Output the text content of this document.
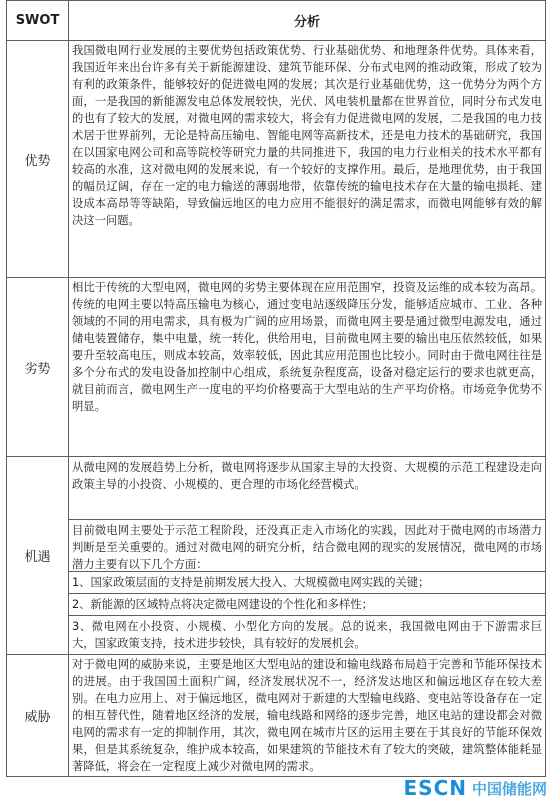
SWOT	分析
优势	我国微电网行业发展的主要优势包括政策优势、行业基础优势、和地理条件优势。具体来看，我国近年来出台许多有关于新能源建设、建筑节能环保、分布式电网的推动政策，形成了较为有利的政策条件，能够较好的促进微电网的发展；其次是行业基础优势，这一优势分为两个方面，一是我国的新能源发电总体发展较快，光伏、风电装机量都在世界首位，同时分布式发电的也有了较大的发展，对微电网的需求较大，将会有力促进微电网的发展，二是我国的电力技术居于世界前列，无论是特高压输电、智能电网等高新技术，还是电力技术的基础研究，我国在以国家电网公司和高等院校等研究力量的共同推进下，我国的电力行业相关的技术水平都有较高的水准，这对微电网的发展来说，有一个较好的支撑作用。最后，是地理优势，由于我国的幅员辽阔，存在一定的电力输送的薄弱地带，依靠传统的输电技术存在大量的输电损耗、建设成本高昂等等缺陷，导致偏远地区的电力应用不能很好的满足需求，而微电网能够有效的解决这一问题。

劣势	相比于传统的大型电网，微电网的劣势主要体现在应用范围窄，投资及运维的成本较为高昂。传统的电网主要以特高压输电为核心，通过变电站逐级降压分发，能够适应城市、工业、各种领域的不同的用电需求，具有极为广阔的应用场景，而微电网主要是通过微型电源发电，通过储电装置储存，集中电量，统一转化，供给用电，目前微电网主要的输出电压依然较低，如果要升至较高电压，则成本较高，效率较低，因此其应用范围也比较小。同时由于微电网往往是多个分布式的发电设备加控制中心组成，系统复杂程度高，设备对稳定运行的要求也就更高，就目前而言，微电网生产一度电的平均价格要高于大型电站的生产平均价格。市场竞争优势不明显。

机遇	从微电网的发展趋势上分析，微电网将逐步从国家主导的大投资、大规模的示范工程建设走向政策主导的小投资、小规模的、更合理的市场化经营模式。
目前微电网主要处于示范工程阶段，还没真正走入市场化的实践，因此对于微电网的市场潜力判断是至关重要的。通过对微电网的研究分析，结合微电网的现实的发展情况，微电网的市场潜力主要有以下几个方面：
1、国家政策层面的支持是前期发展大投入、大规模微电网实践的关键；
2、新能源的区域特点将决定微电网建设的个性化和多样性；
3、微电网在小投资、小规模、小型化方向的发展。总的说来，我国微电网由于下游需求巨大，国家政策支持，技术进步较快，具有较好的发展机会。

威胁	对于微电网的威胁来说，主要是地区大型电站的建设和输电线路布局趋于完善和节能环保技术的进展。由于我国国土面积广阔，经济发展状况不一，经济发达地区和偏远地区存在较大差别。在电力应用上、对于偏远地区，微电网对于新建的大型输电线路、变电站等设备存在一定的相互替代性，随着地区经济的发展，输电线路和网络的逐步完善，地区电站的建设都会对微电网的需求有一定的抑制作用，其次，微电网在城市片区的运用主要在于其良好的节能环保效果，但是其系统复杂，维护成本较高，如果建筑的节能技术有了较大的突破，建筑整体能耗显著降低，将会在一定程度上减少对微电网的需求。
ESCN 中国储能网
